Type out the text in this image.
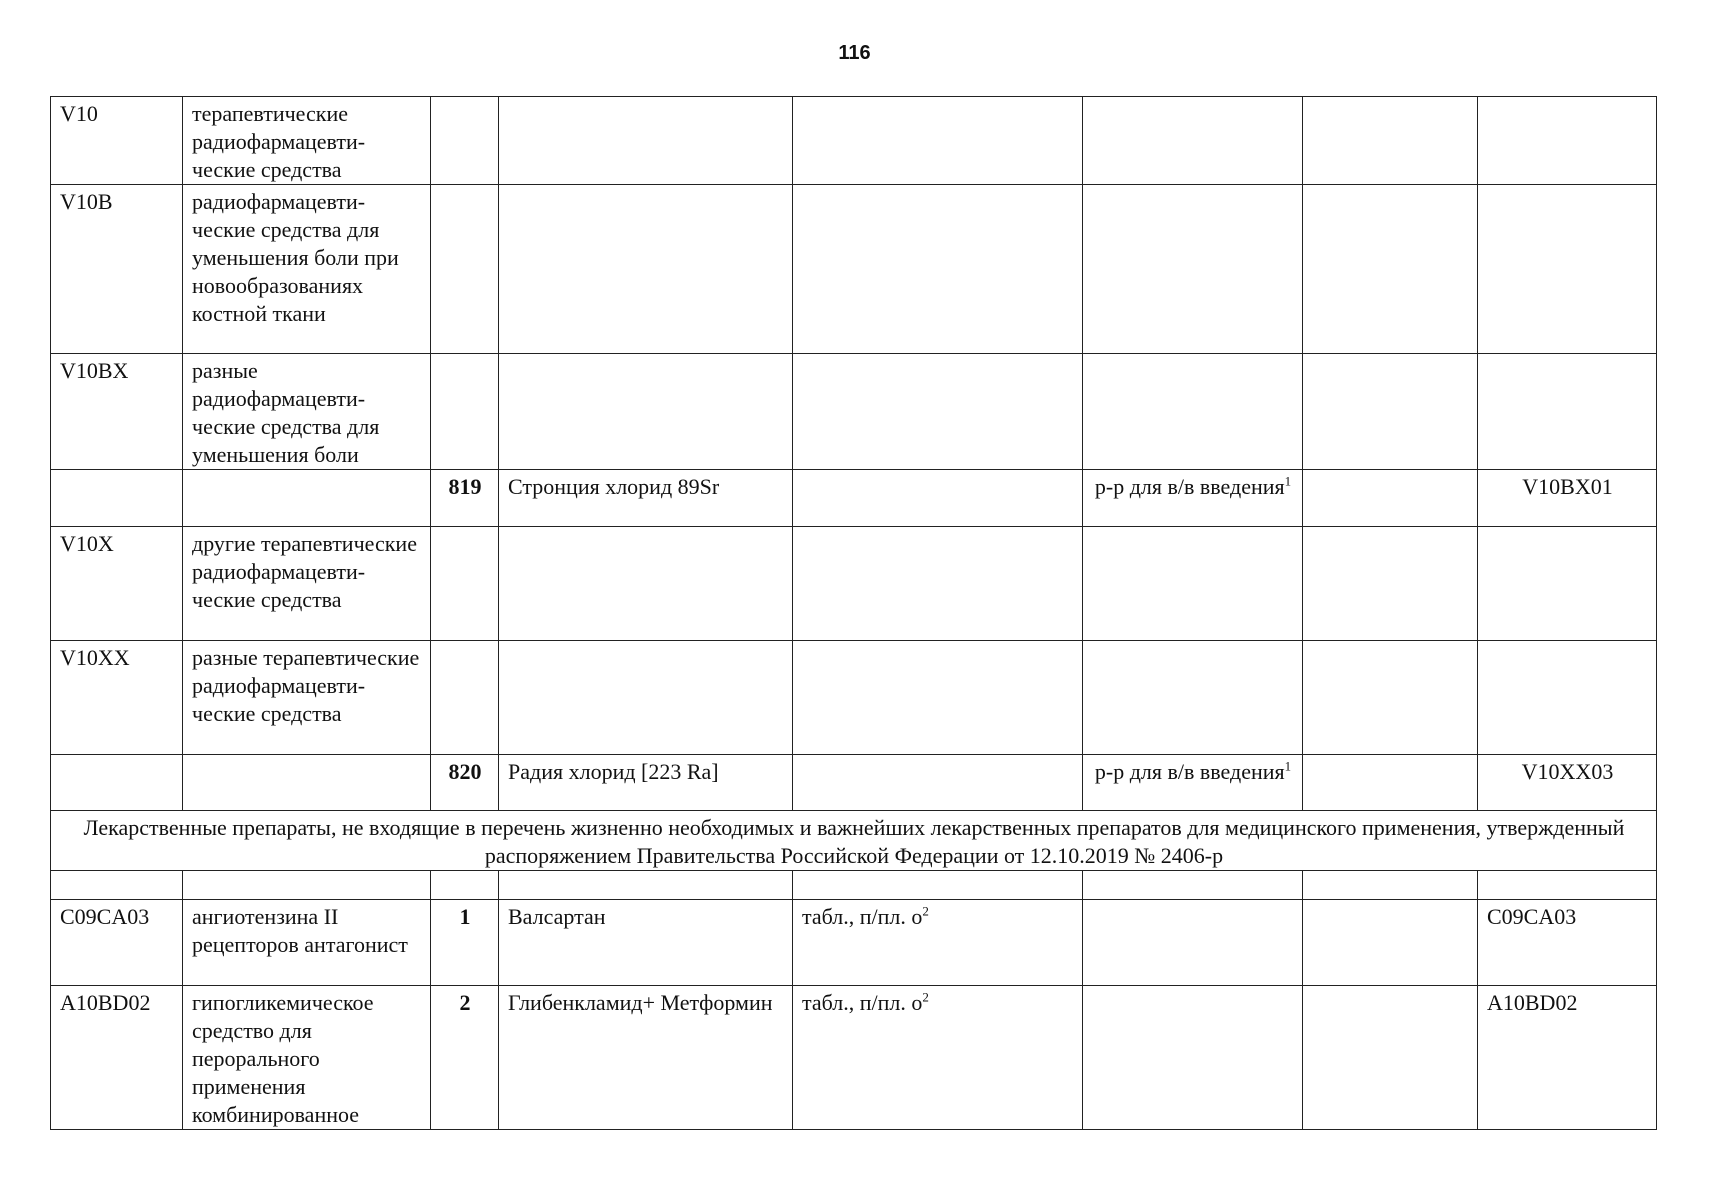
116
V10	терапевтические радиофармацевти-ческие средства						
V10B	радиофармацевти-ческие средства для уменьшения боли при новообразованиях костной ткани						
V10BX	разные радиофармацевти-ческие средства для уменьшения боли						
		819	Стронция хлорид 89Sr		р-р для в/в введения$^1$		V10BX01
V10X	другие терапевтические радиофармацевти-ческие средства						
V10XX	разные терапевтические радиофармацевти-ческие средства						
		820	Радия хлорид [223 Ra]		р-р для в/в введения$^1$		V10XX03
Лекарственные препараты, не входящие в перечень жизненно необходимых и важнейших лекарственных препаратов для медицинского применения, утвержденный распоряжением Правительства Российской Федерации от 12.10.2019 № 2406-р							

C09CA03	ангиотензина II рецепторов антагонист	1	Валсартан	табл., п/пл. $о^2$			C09CA03
A10BD02	гипогликемическое средство для перорального применения комбинированное	2	Глибенкламид+ Метформин	табл., п/пл. $о^2$			A10BD02
